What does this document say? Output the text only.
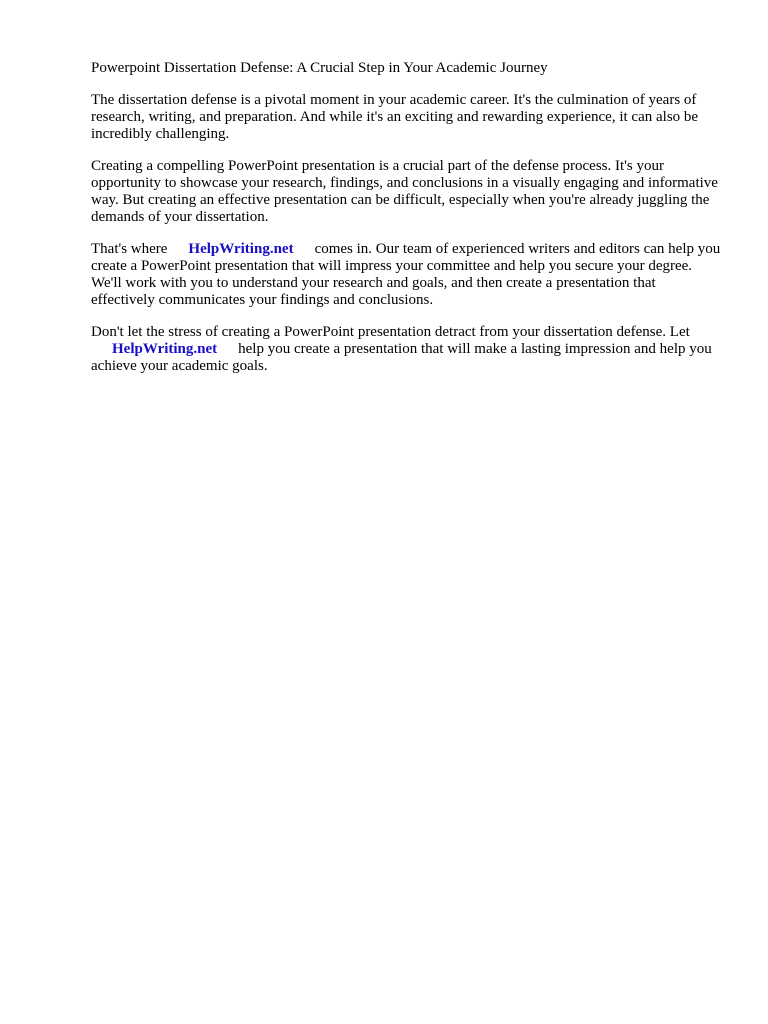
Powerpoint Dissertation Defense: A Crucial Step in Your Academic Journey

The dissertation defense is a pivotal moment in your academic career. It's the culmination of years of research, writing, and preparation. And while it's an exciting and rewarding experience, it can also be incredibly challenging.

Creating a compelling PowerPoint presentation is a crucial part of the defense process. It's your opportunity to showcase your research, findings, and conclusions in a visually engaging and informative way. But creating an effective presentation can be difficult, especially when you're already juggling the demands of your dissertation.

That's where HelpWriting.net comes in. Our team of experienced writers and editors can help you create a PowerPoint presentation that will impress your committee and help you secure your degree. We'll work with you to understand your research and goals, and then create a presentation that effectively communicates your findings and conclusions.

Don't let the stress of creating a PowerPoint presentation detract from your dissertation defense. Let
HelpWriting.net help you create a presentation that will make a lasting impression and help you achieve your academic goals.
